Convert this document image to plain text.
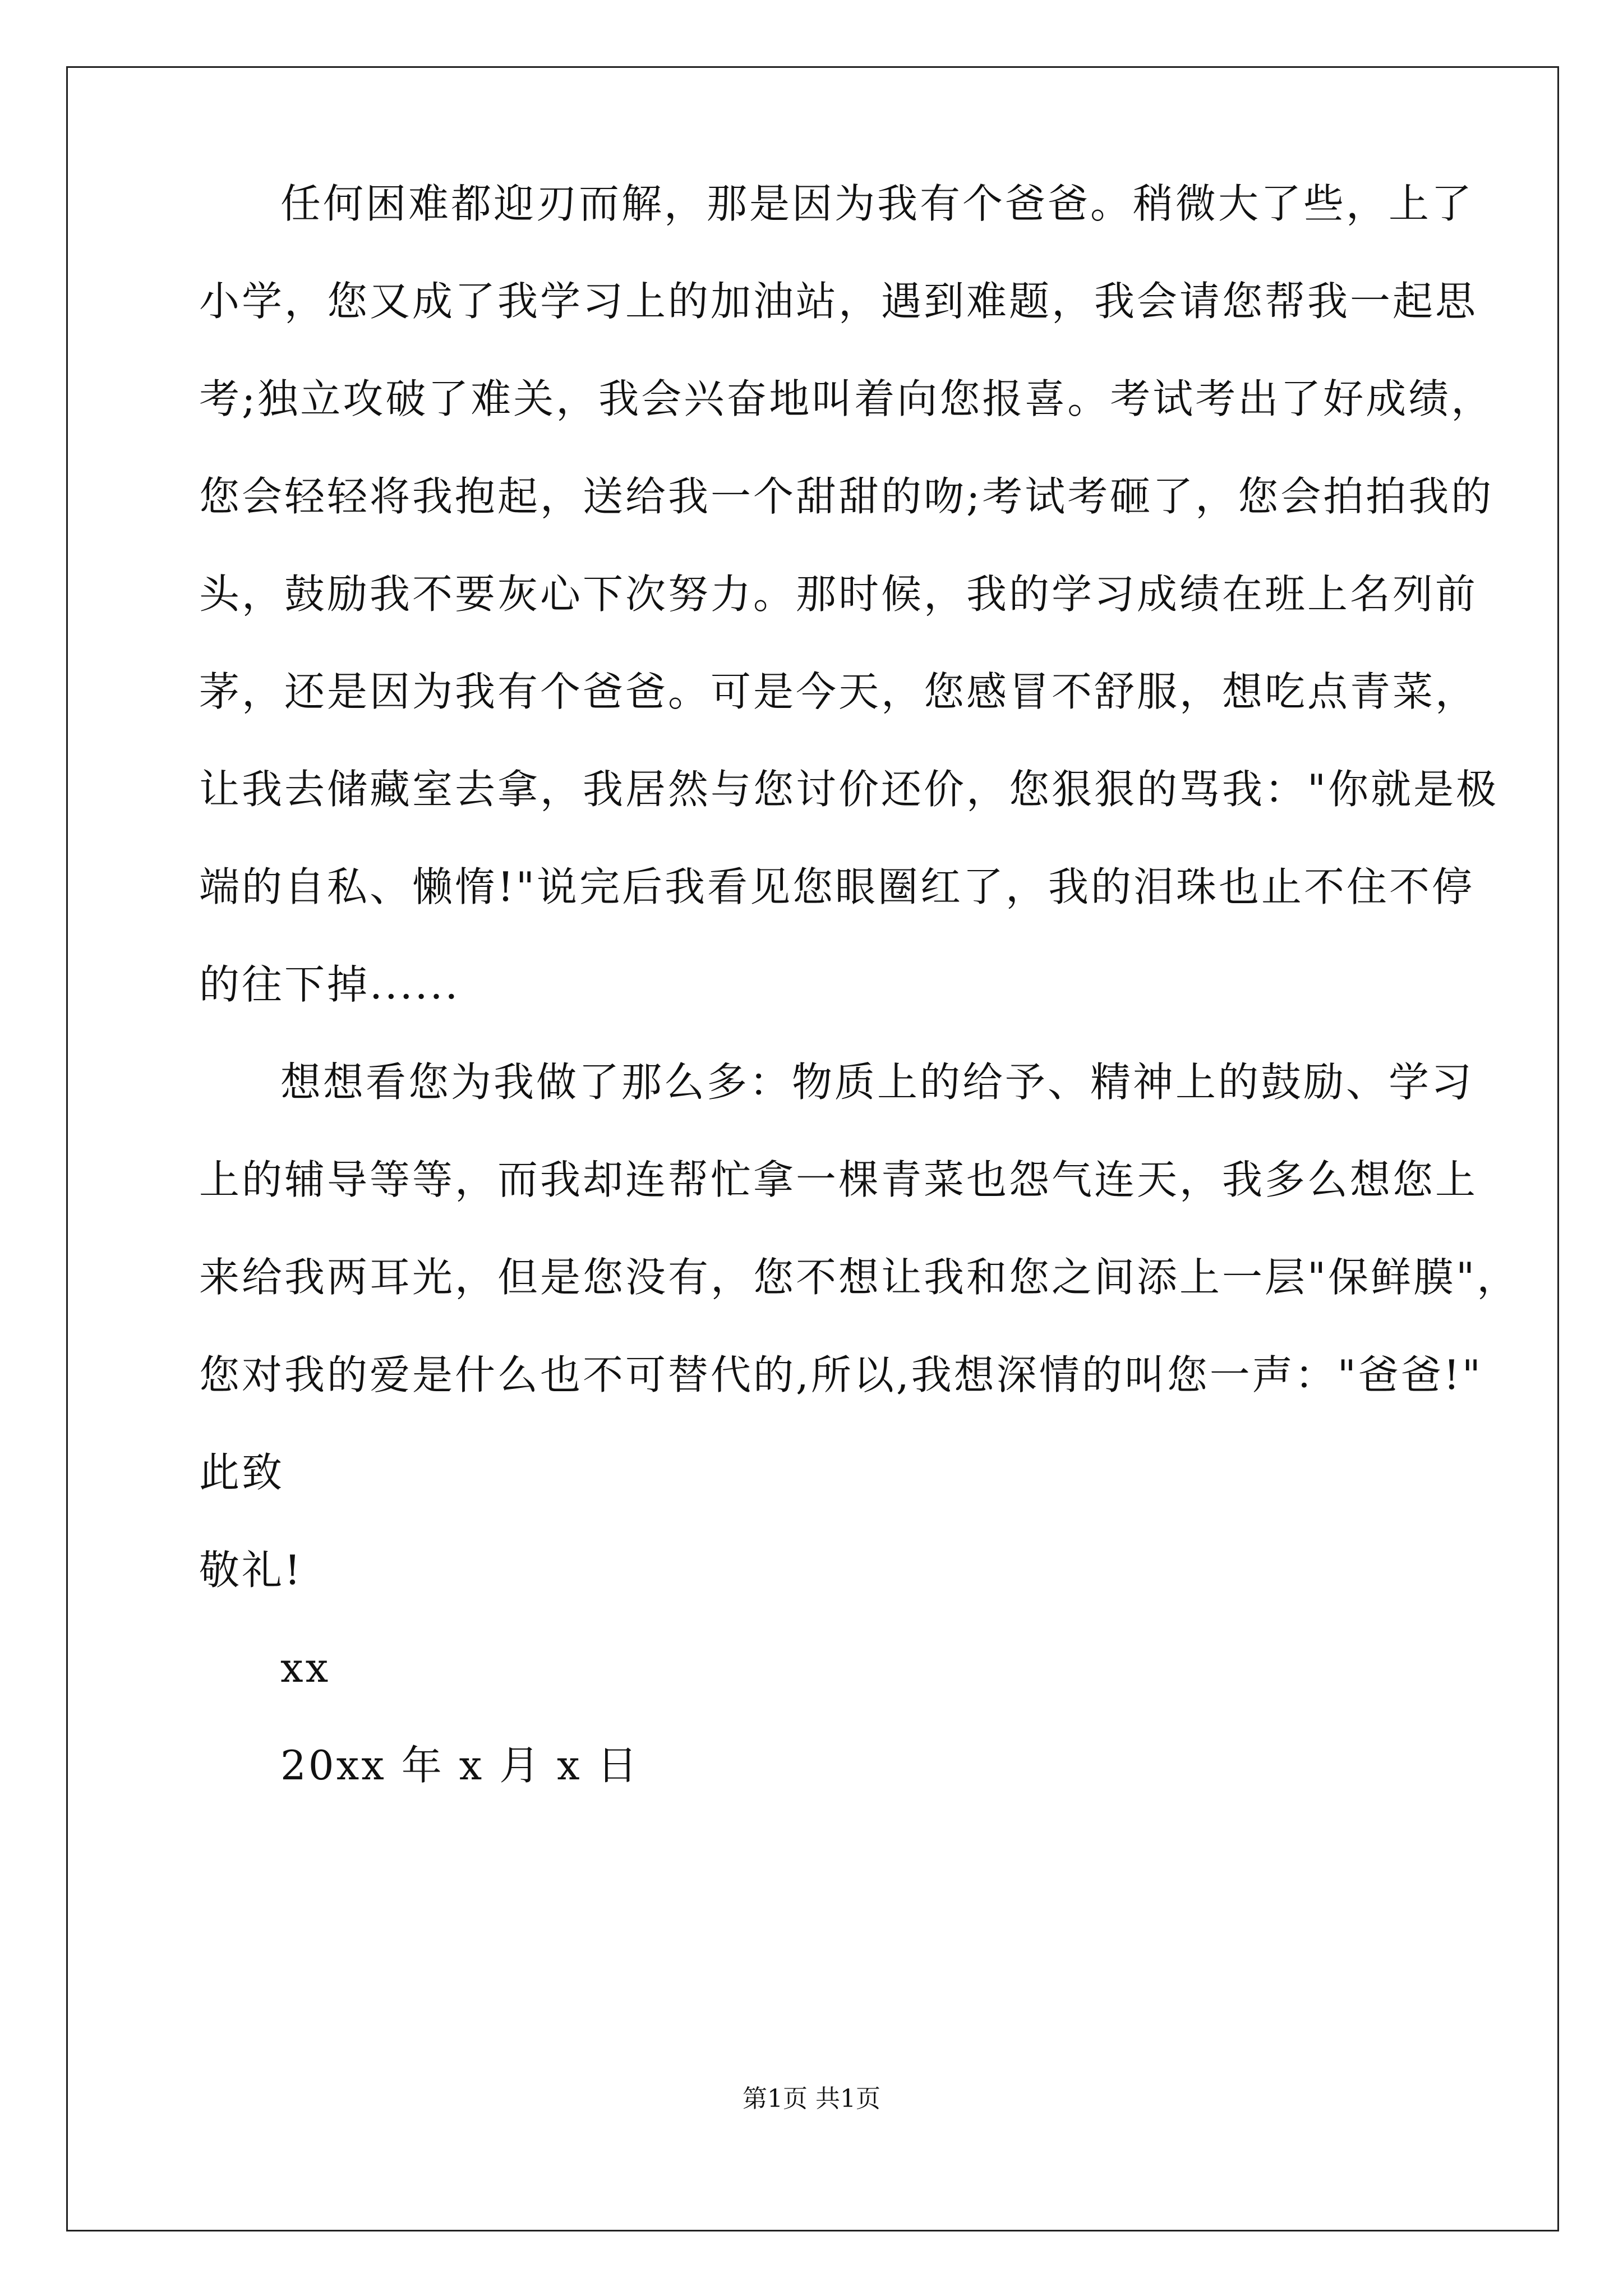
任何困难都迎刃而解，那是因为我有个爸爸。稍微大了些，上了
小学，您又成了我学习上的加油站，遇到难题，我会请您帮我一起思
考;独立攻破了难关，我会兴奋地叫着向您报喜。考试考出了好成绩，
您会轻轻将我抱起，送给我一个甜甜的吻;考试考砸了，您会拍拍我的
头，鼓励我不要灰心下次努力。那时候，我的学习成绩在班上名列前
茅，还是因为我有个爸爸。可是今天，您感冒不舒服，想吃点青菜，
让我去储藏室去拿，我居然与您讨价还价，您狠狠的骂我："你就是极
端的自私、懒惰!"说完后我看见您眼圈红了，我的泪珠也止不住不停
的往下掉......
想想看您为我做了那么多：物质上的给予、精神上的鼓励、学习
上的辅导等等，而我却连帮忙拿一棵青菜也怨气连天，我多么想您上
来给我两耳光，但是您没有，您不想让我和您之间添上一层"保鲜膜"，
您对我的爱是什么也不可替代的,所以,我想深情的叫您一声："爸爸!"
此致
敬礼!
xx
20xx 年 x 月 x 日
第1页 共1页
